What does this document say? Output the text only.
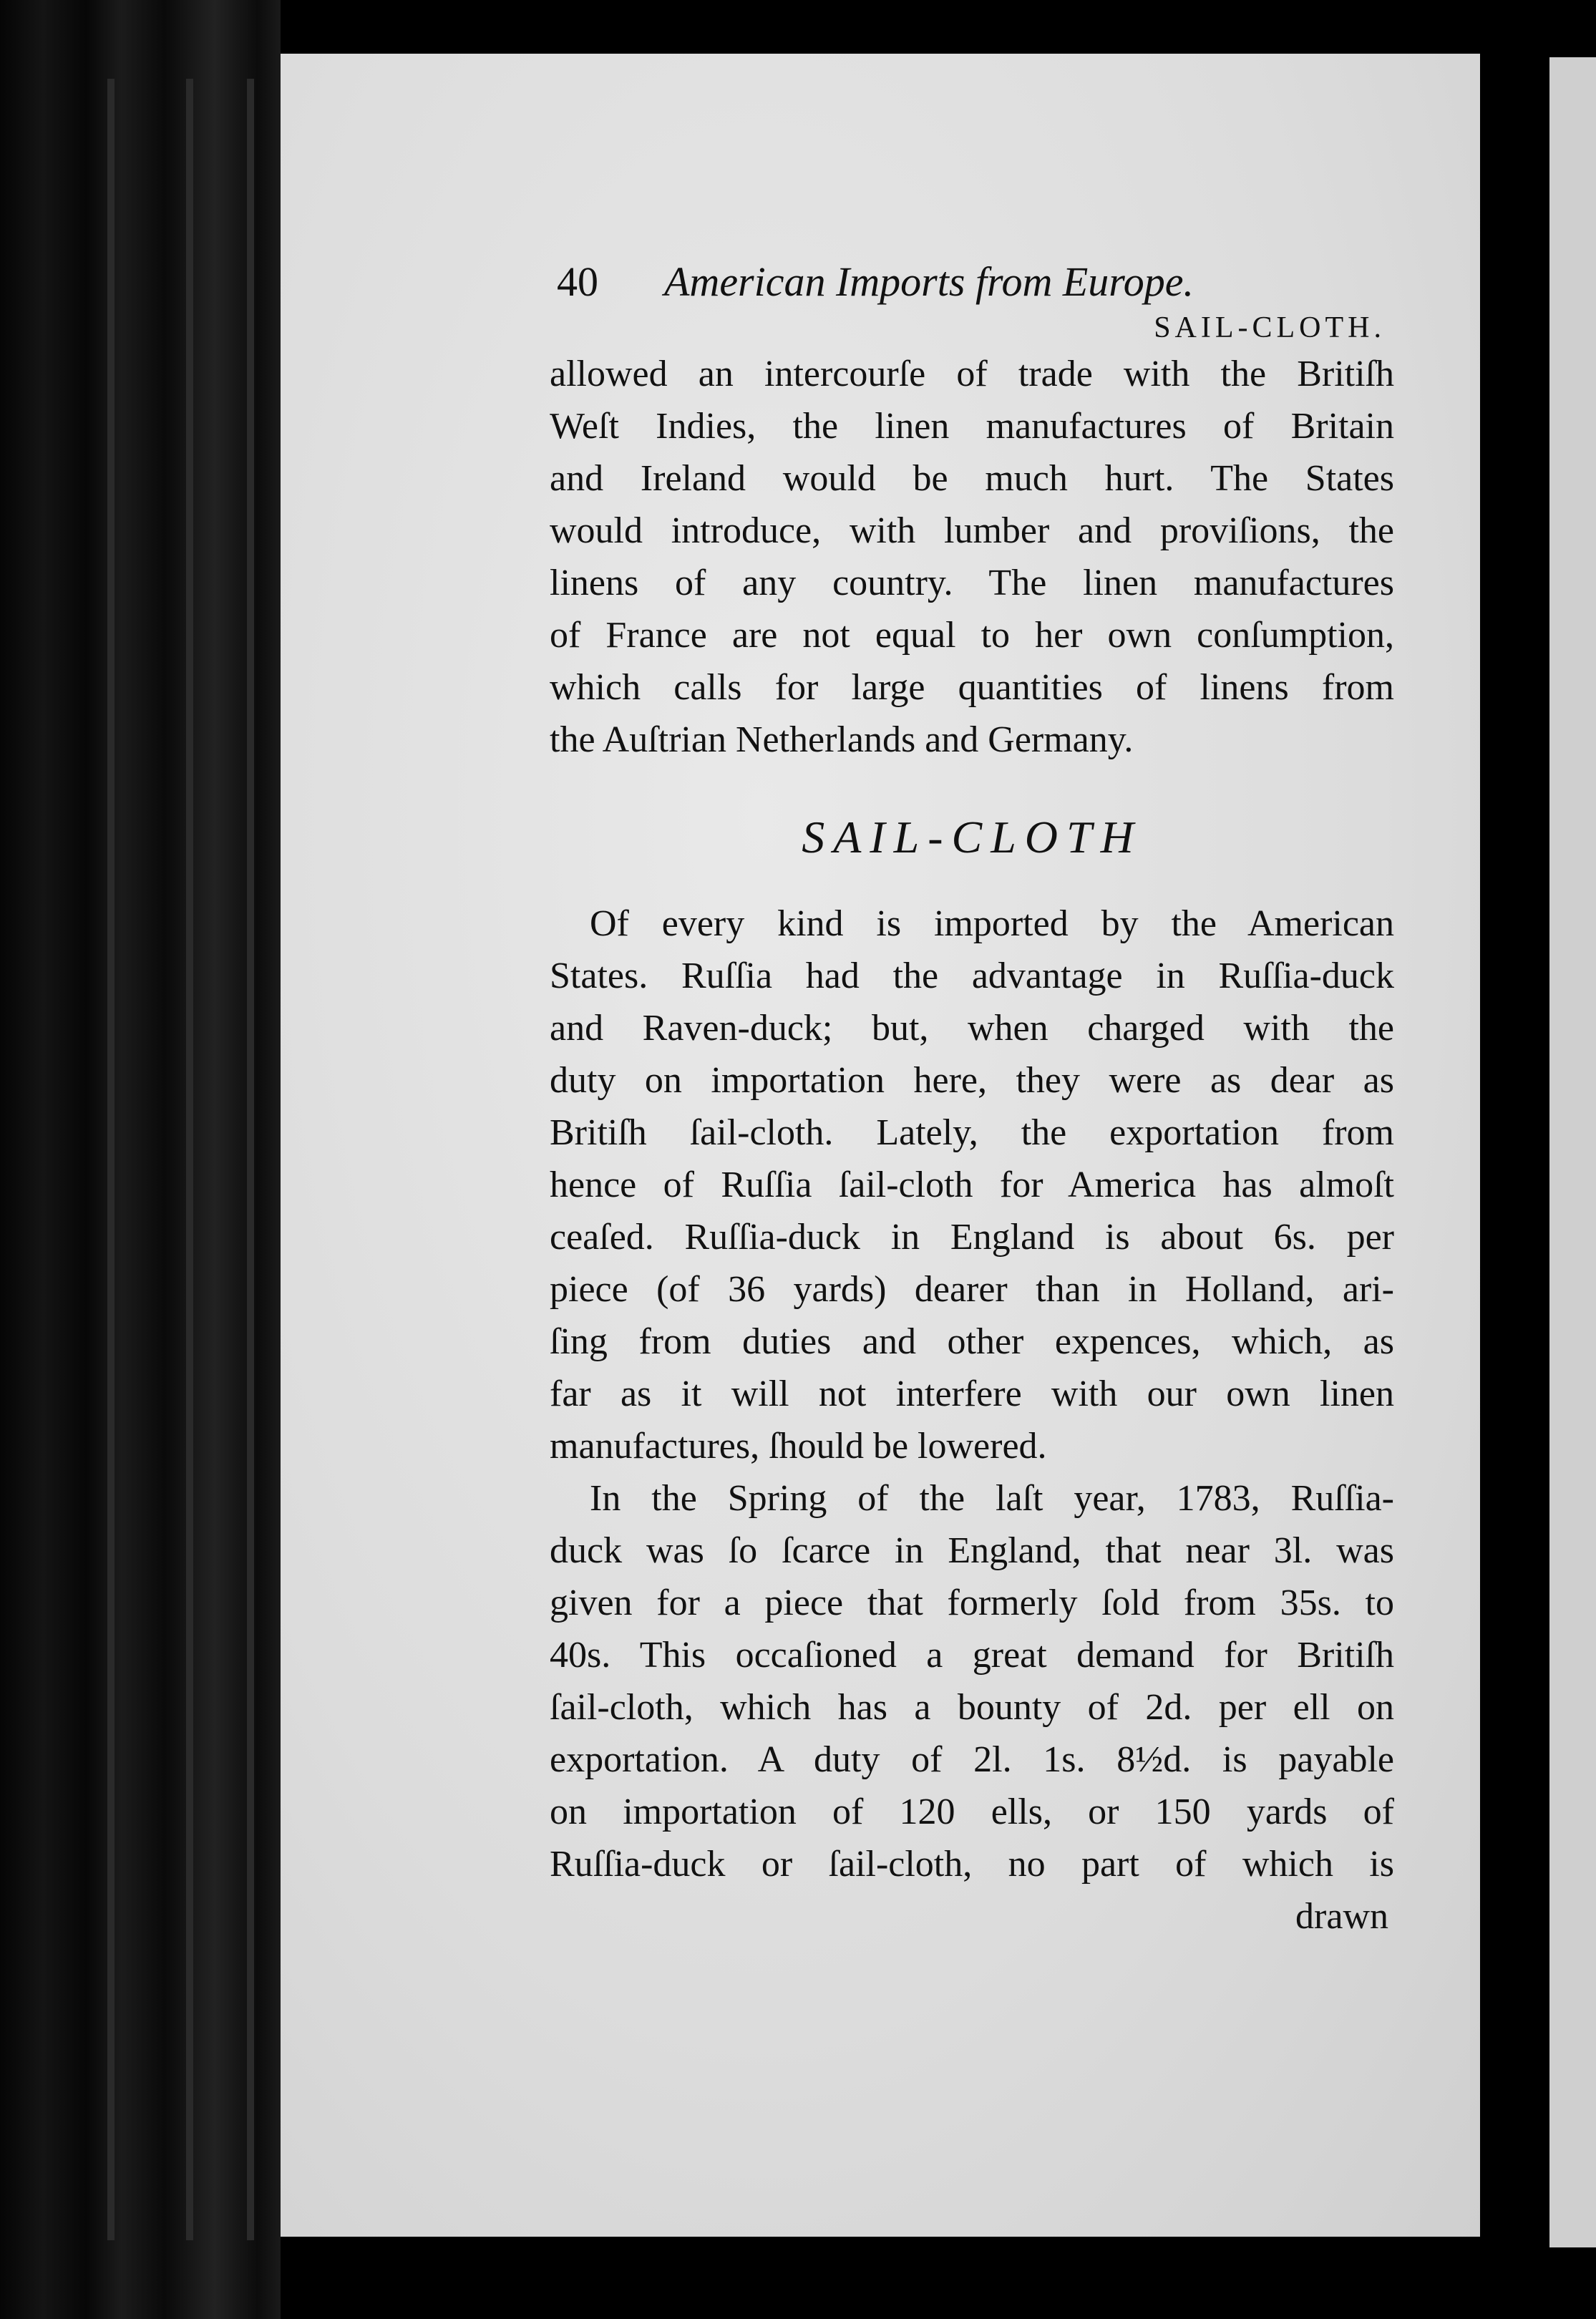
40 American Imports from Europe.
SAIL-CLOTH.
allowed an intercourſe of trade with the Britiſh
Weſt Indies, the linen manufactures of Britain
and Ireland would be much hurt. The States
would introduce, with lumber and proviſions, the
linens of any country. The linen manufactures
of France are not equal to her own conſumption,
which calls for large quantities of linens from
the Auſtrian Netherlands and Germany.
SAIL-CLOTH
Of every kind is imported by the American
States. Ruſſia had the advantage in Ruſſia-duck
and Raven-duck; but, when charged with the
duty on importation here, they were as dear as
Britiſh ſail-cloth. Lately, the exportation from
hence of Ruſſia ſail-cloth for America has almoſt
ceaſed. Ruſſia-duck in England is about 6s. per
piece (of 36 yards) dearer than in Holland, ari-
ſing from duties and other expences, which, as
far as it will not interfere with our own linen
manufactures, ſhould be lowered.
In the Spring of the laſt year, 1783, Ruſſia-
duck was ſo ſcarce in England, that near 3l. was
given for a piece that formerly ſold from 35s. to
40s. This occaſioned a great demand for Britiſh
ſail-cloth, which has a bounty of 2d. per ell on
exportation. A duty of 2l. 1s. 8½d. is payable
on importation of 120 ells, or 150 yards of
Ruſſia-duck or ſail-cloth, no part of which is
drawn
